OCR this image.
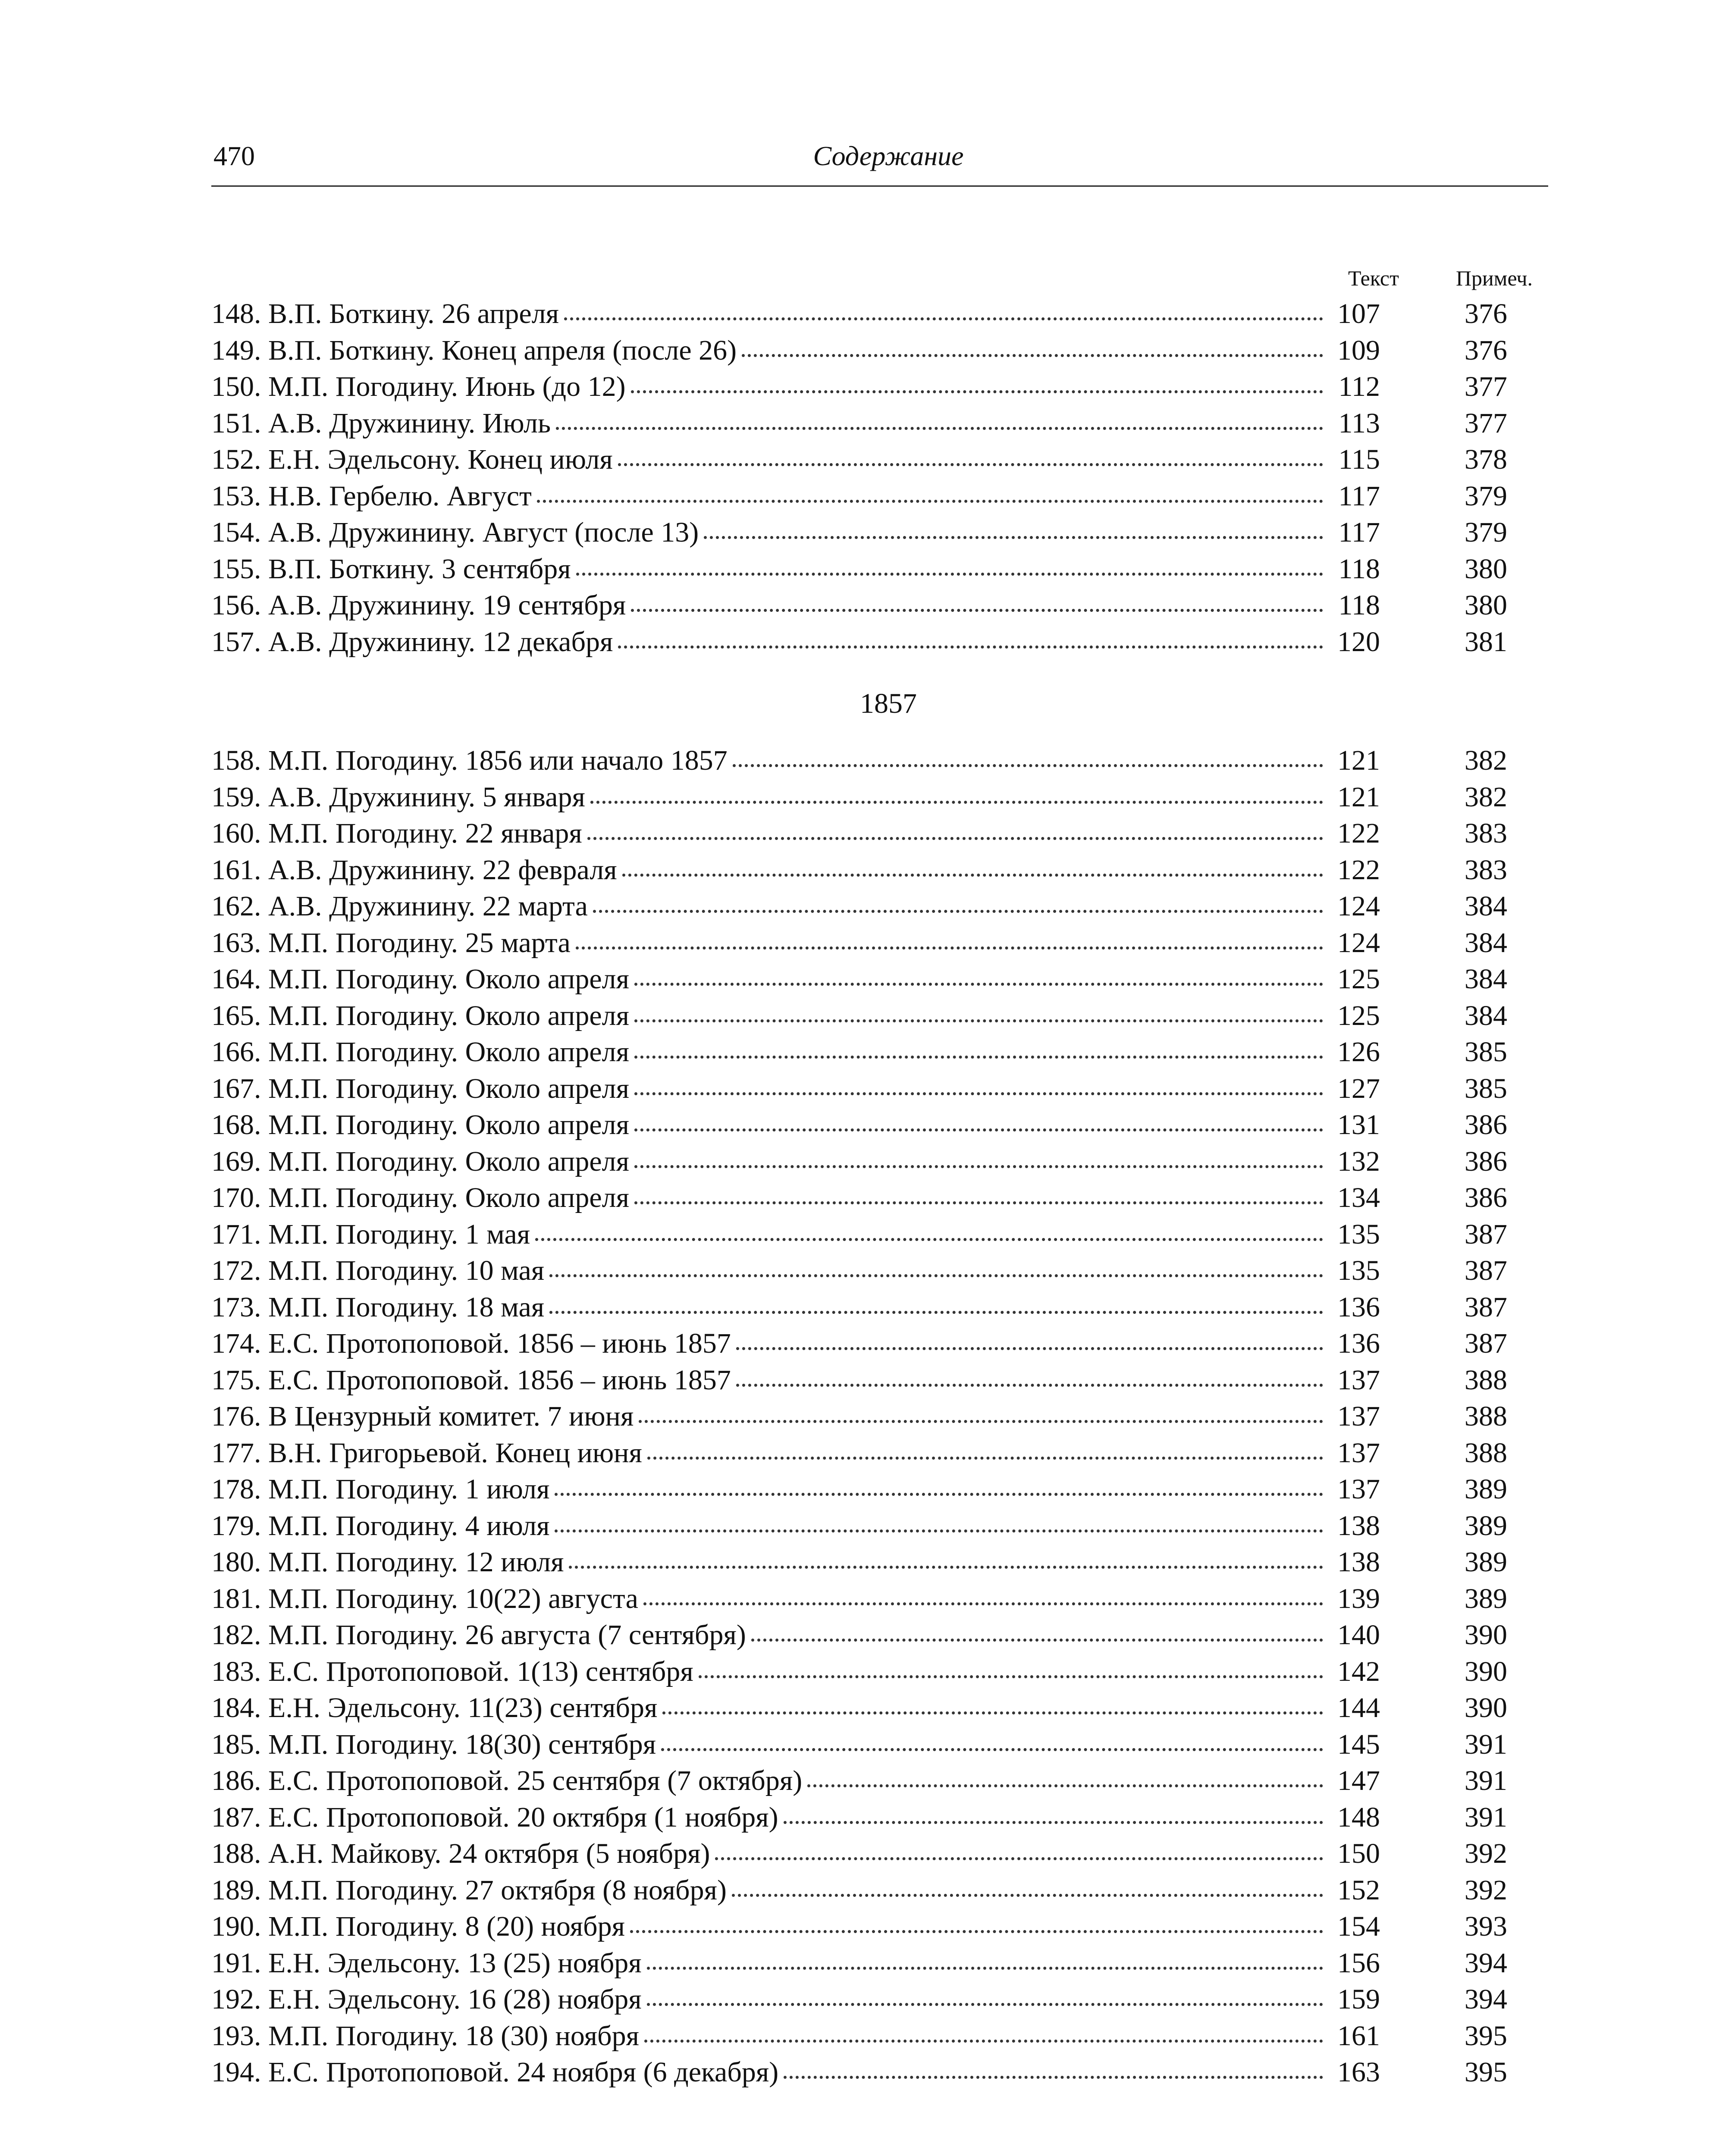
470	Содержание
Текст	Примеч.
148. В.П. Боткину. 26 апреля	107	376
149. В.П. Боткину. Конец апреля (после 26)	109	376
150. М.П. Погодину. Июнь (до 12)	112	377
151. А.В. Дружинину. Июль	113	377
152. Е.Н. Эдельсону. Конец июля	115	378
153. Н.В. Гербелю. Август	117	379
154. А.В. Дружинину. Август (после 13)	117	379
155. В.П. Боткину. 3 сентября	118	380
156. А.В. Дружинину. 19 сентября	118	380
157. А.В. Дружинину. 12 декабря	120	381
1857
158. М.П. Погодину. 1856 или начало 1857	121	382
159. А.В. Дружинину. 5 января	121	382
160. М.П. Погодину. 22 января	122	383
161. А.В. Дружинину. 22 февраля	122	383
162. А.В. Дружинину. 22 марта	124	384
163. М.П. Погодину. 25 марта	124	384
164. М.П. Погодину. Около апреля	125	384
165. М.П. Погодину. Около апреля	125	384
166. М.П. Погодину. Около апреля	126	385
167. М.П. Погодину. Около апреля	127	385
168. М.П. Погодину. Около апреля	131	386
169. М.П. Погодину. Около апреля	132	386
170. М.П. Погодину. Около апреля	134	386
171. М.П. Погодину. 1 мая	135	387
172. М.П. Погодину. 10 мая	135	387
173. М.П. Погодину. 18 мая	136	387
174. Е.С. Протопоповой. 1856 – июнь 1857	136	387
175. Е.С. Протопоповой. 1856 – июнь 1857	137	388
176. В Цензурный комитет. 7 июня	137	388
177. В.Н. Григорьевой. Конец июня	137	388
178. М.П. Погодину. 1 июля	137	389
179. М.П. Погодину. 4 июля	138	389
180. М.П. Погодину. 12 июля	138	389
181. М.П. Погодину. 10(22) августа	139	389
182. М.П. Погодину. 26 августа (7 сентября)	140	390
183. Е.С. Протопоповой. 1(13) сентября	142	390
184. Е.Н. Эдельсону. 11(23) сентября	144	390
185. М.П. Погодину. 18(30) сентября	145	391
186. Е.С. Протопоповой. 25 сентября (7 октября)	147	391
187. Е.С. Протопоповой. 20 октября (1 ноября)	148	391
188. А.Н. Майкову. 24 октября (5 ноября)	150	392
189. М.П. Погодину. 27 октября (8 ноября)	152	392
190. М.П. Погодину. 8 (20) ноября	154	393
191. Е.Н. Эдельсону. 13 (25) ноября	156	394
192. Е.Н. Эдельсону. 16 (28) ноября	159	394
193. М.П. Погодину. 18 (30) ноября	161	395
194. Е.С. Протопоповой. 24 ноября (6 декабря)	163	395
